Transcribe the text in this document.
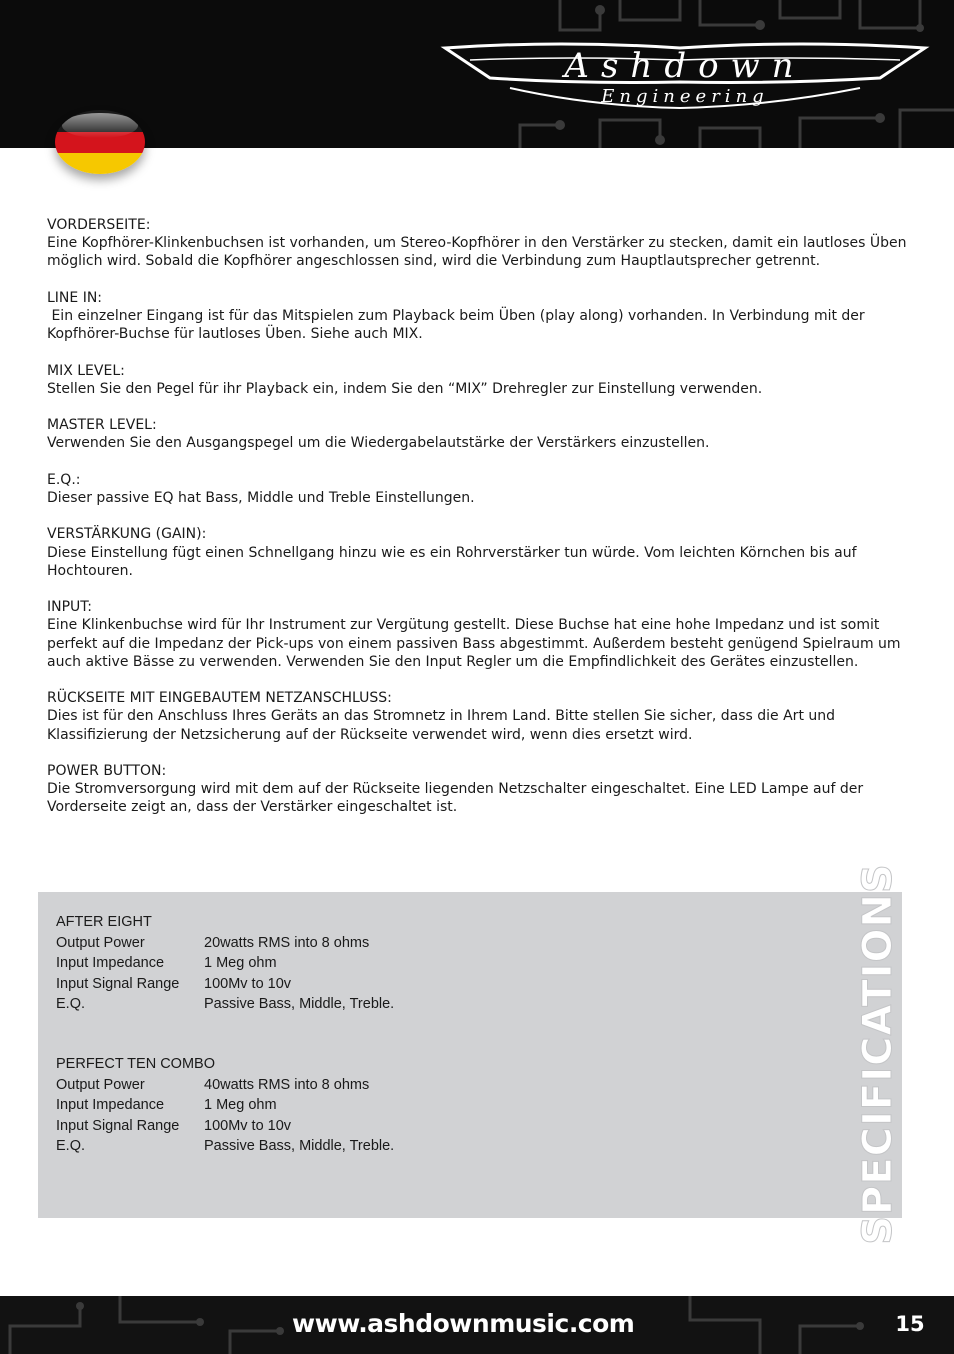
Ashdown
Engineering

VORDERSEITE:

Eine Kopfhörer-Klinkenbuchsen ist vorhanden, um Stereo-Kopfhörer in den Verstärker zu stecken, damit ein lautloses Üben möglich wird. Sobald die Kopfhörer angeschlossen sind, wird die Verbindung zum Hauptlautsprecher getrennt.

LINE IN:

Ein einzelner Eingang ist für das Mitspielen zum Playback beim Üben (play along) vorhanden. In Verbindung mit der Kopfhörer-Buchse für lautloses Üben. Siehe auch MIX.

MIX LEVEL:

Stellen Sie den Pegel für ihr Playback ein, indem Sie den “MIX” Drehregler zur Einstellung verwenden.

MASTER LEVEL:

Verwenden Sie den Ausgangspegel um die Wiedergabelautstärke der Verstärkers einzustellen.

E.Q.:

Dieser passive EQ hat Bass, Middle und Treble Einstellungen.

VERSTÄRKUNG (GAIN):

Diese Einstellung fügt einen Schnellgang hinzu wie es ein Rohrverstärker tun würde. Vom leichten Körnchen bis auf Hochtouren.

INPUT:

Eine Klinkenbuchse wird für Ihr Instrument zur Vergütung gestellt. Diese Buchse hat eine hohe Impedanz und ist somit perfekt auf die Impedanz der Pick-ups von einem passiven Bass abgestimmt. Außerdem besteht genügend Spielraum um auch aktive Bässe zu verwenden. Verwenden Sie den Input Regler um die Empfindlichkeit des Gerätes einzustellen.

RÜCKSEITE MIT EINGEBAUTEM NETZANSCHLUSS:

Dies ist für den Anschluss Ihres Geräts an das Stromnetz in Ihrem Land. Bitte stellen Sie sicher, dass die Art und Klassifizierung der Netzsicherung auf der Rückseite verwendet wird, wenn dies ersetzt wird.

POWER BUTTON:

Die Stromversorgung wird mit dem auf der Rückseite liegenden Netzschalter eingeschaltet. Eine LED Lampe auf der Vorderseite zeigt an, dass der Verstärker eingeschaltet ist.

SPECIFICATIONS
AFTER EIGHT
Output Power	20watts RMS into 8 ohms
Input Impedance	1 Meg ohm
Input Signal Range	100Mv to 10v
E.Q.	Passive Bass, Middle, Treble.
PERFECT TEN COMBO
Output Power	40watts RMS into 8 ohms
Input Impedance	1 Meg ohm
Input Signal Range	100Mv to 10v
E.Q.	Passive Bass, Middle, Treble.
www.ashdownmusic.com	15
